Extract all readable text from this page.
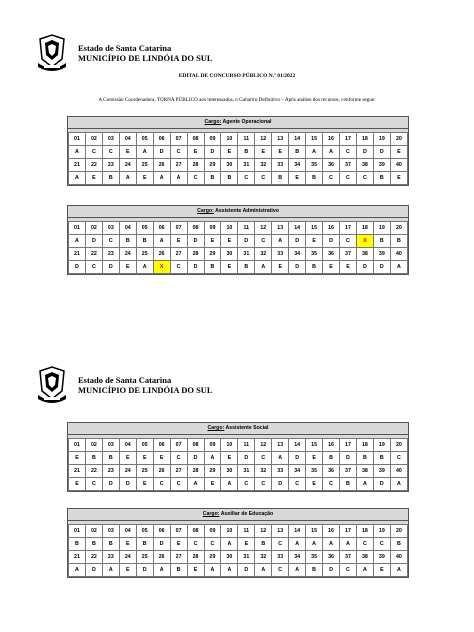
Estado de Santa Catarina
MUNICÍPIO DE LINDÓIA DO SUL
EDITAL DE CONCURSO PÚBLICO N.º 01/2022
A Comissão Coordenadora, TORNA PÚBLICO aos interessados, o Gabarito Definitivo – Após análise dos recursos, conforme segue:
Cargo: Agente Operacional
01	02	03	04	05	06	07	08	09	10	11	12	13	14	15	16	17	18	19	20
A	C	C	E	A	D	C	E	D	E	B	E	E	B	A	A	C	D	D	E
21	22	23	24	25	26	27	28	29	30	31	32	33	34	35	36	37	38	39	40
A	E	B	A	E	A	A	C	B	B	C	C	B	E	B	C	C	C	B	E
Cargo: Assistente Administrativo
01	02	03	04	05	06	07	08	09	10	11	12	13	14	15	16	17	18	19	20
A	D	C	B	B	A	E	D	E	E	D	C	A	D	E	D	C	X	B	B
21	22	23	24	25	26	27	28	29	30	31	32	33	34	35	36	37	38	39	40
D	C	D	E	A	X	C	D	B	E	B	A	E	D	B	E	E	D	D	A
Estado de Santa Catarina
MUNICÍPIO DE LINDÓIA DO SUL
Cargo: Assistente Social
01	02	03	04	05	06	07	08	09	10	11	12	13	14	15	16	17	18	19	20
E	B	B	E	E	E	C	D	A	E	D	C	A	D	E	B	D	B	B	C
21	22	23	24	25	26	27	28	29	30	31	32	33	34	35	36	37	38	39	40
E	C	D	D	E	C	C	A	E	A	C	C	D	C	E	C	B	A	D	A
Cargo: Auxiliar de Educação
01	02	03	04	05	06	07	08	09	10	11	12	13	14	15	16	17	18	19	20
B	B	B	E	B	D	E	C	C	A	E	B	C	A	A	A	A	C	C	B
21	22	23	24	25	26	27	28	29	30	31	32	33	34	35	36	37	38	39	40
A	D	A	E	D	A	B	E	A	A	D	A	C	A	B	D	C	A	E	A
